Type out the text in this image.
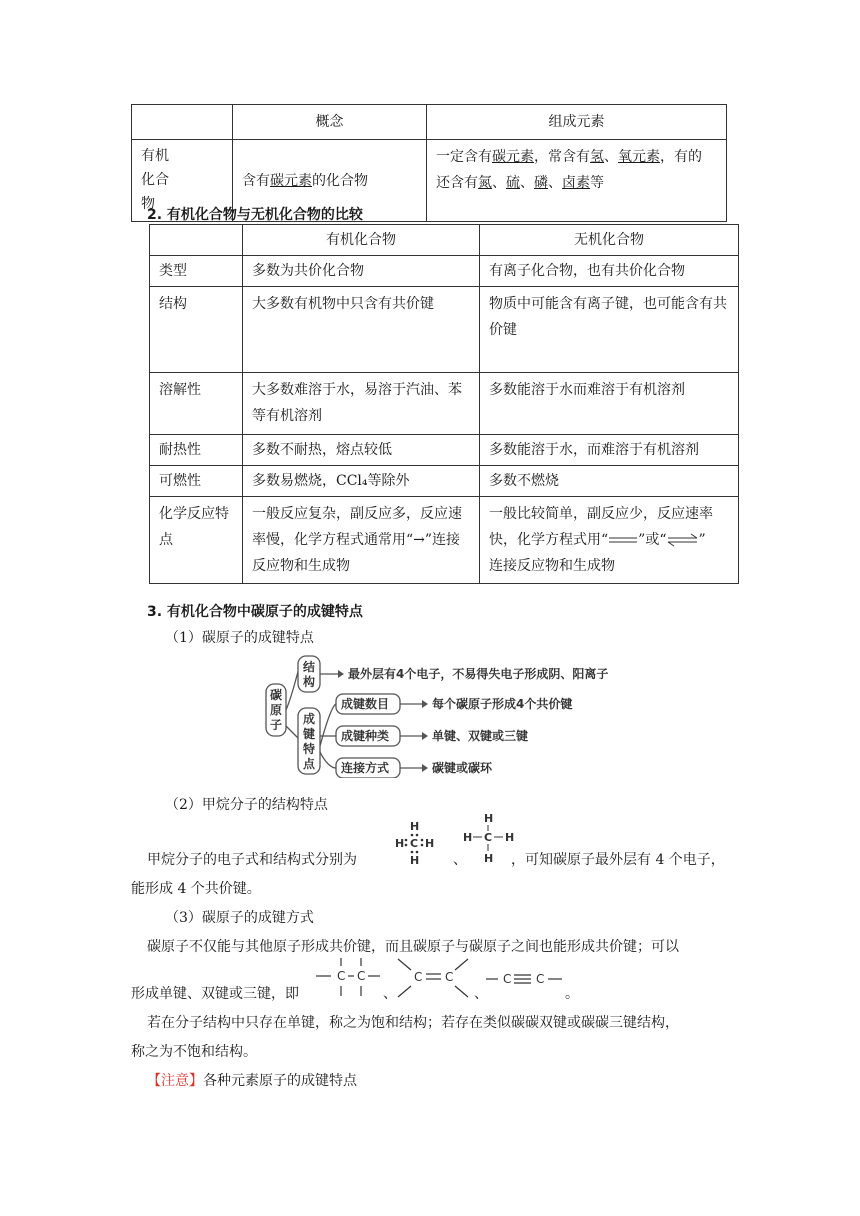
	概念	组成元素
有机化合物	含有碳元素的化合物	一定含有碳元素，常含有氢、氧元素，有的
还含有氮、硫、磷、卤素等
2. 有机化合物与无机化合物的比较
	有机化合物	无机化合物
类型	多数为共价化合物	有离子化合物，也有共价化合物
结构	大多数有机物中只含有共价键	物质中可能含有离子键，也可能含有共价键
溶解性	大多数难溶于水，易溶于汽油、苯等有机溶剂	多数能溶于水而难溶于有机溶剂
耐热性	多数不耐热，熔点较低	多数能溶于水，而难溶于有机溶剂
可燃性	多数易燃烧，CCl₄等除外	多数不燃烧
化学反应特点	一般反应复杂，副反应多，反应速率慢，化学方程式通常用“→”连接反应物和生成物	一般比较简单，副反应少，反应速率
快，化学方程式用“ ”或“⇌”
连接反应物和生成物
3. 有机化合物中碳原子的成键特点
（1）碳原子的成键特点
碳原子
结构
最外层有4个电子，不易得失电子形成阴、阳离子
成键特点
成键数目	每个碳原子形成4个共价键
成键种类	单键、双键或三键
连接方式	碳键或碳环
（2）甲烷分子的结构特点
甲烷分子的电子式和结构式分别为
H
H C H
H 、
H
H C H
H ，可知碳原子最外层有 4 个电子，
能形成 4 个共价键。
（3）碳原子的成键方式
碳原子不仅能与其他原子形成共价键，而且碳原子与碳原子之间也能形成共价键；可以
形成单键、双键或三键，即
C C
、
C C
、
C C
。
若在分子结构中只存在单键，称之为饱和结构；若存在类似碳碳双键或碳碳三键结构，
称之为不饱和结构。
【注意】各种元素原子的成键特点
